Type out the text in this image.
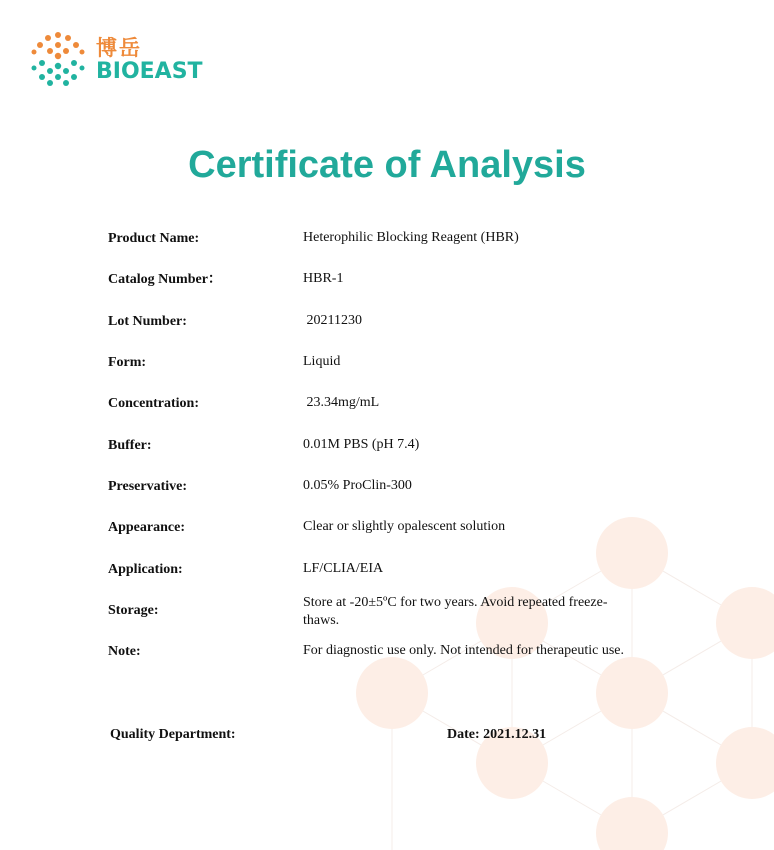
博岳
BIOEAST
Certificate of Analysis
Product Name:	Heterophilic Blocking Reagent (HBR)
Catalog Number：	HBR-1
Lot Number:	20211230
Form:	Liquid
Concentration:	23.34mg/mL
Buffer:	0.01M PBS (pH 7.4)
Preservative:	0.05% ProClin-300
Appearance:	Clear or slightly opalescent solution
Application:	LF/CLIA/EIA
Storage:
Store at -20±5ºC for two years. Avoid repeated freeze-thaws.
Note:	For diagnostic use only. Not intended for therapeutic use.
Quality Department:	Date: 2021.12.31
